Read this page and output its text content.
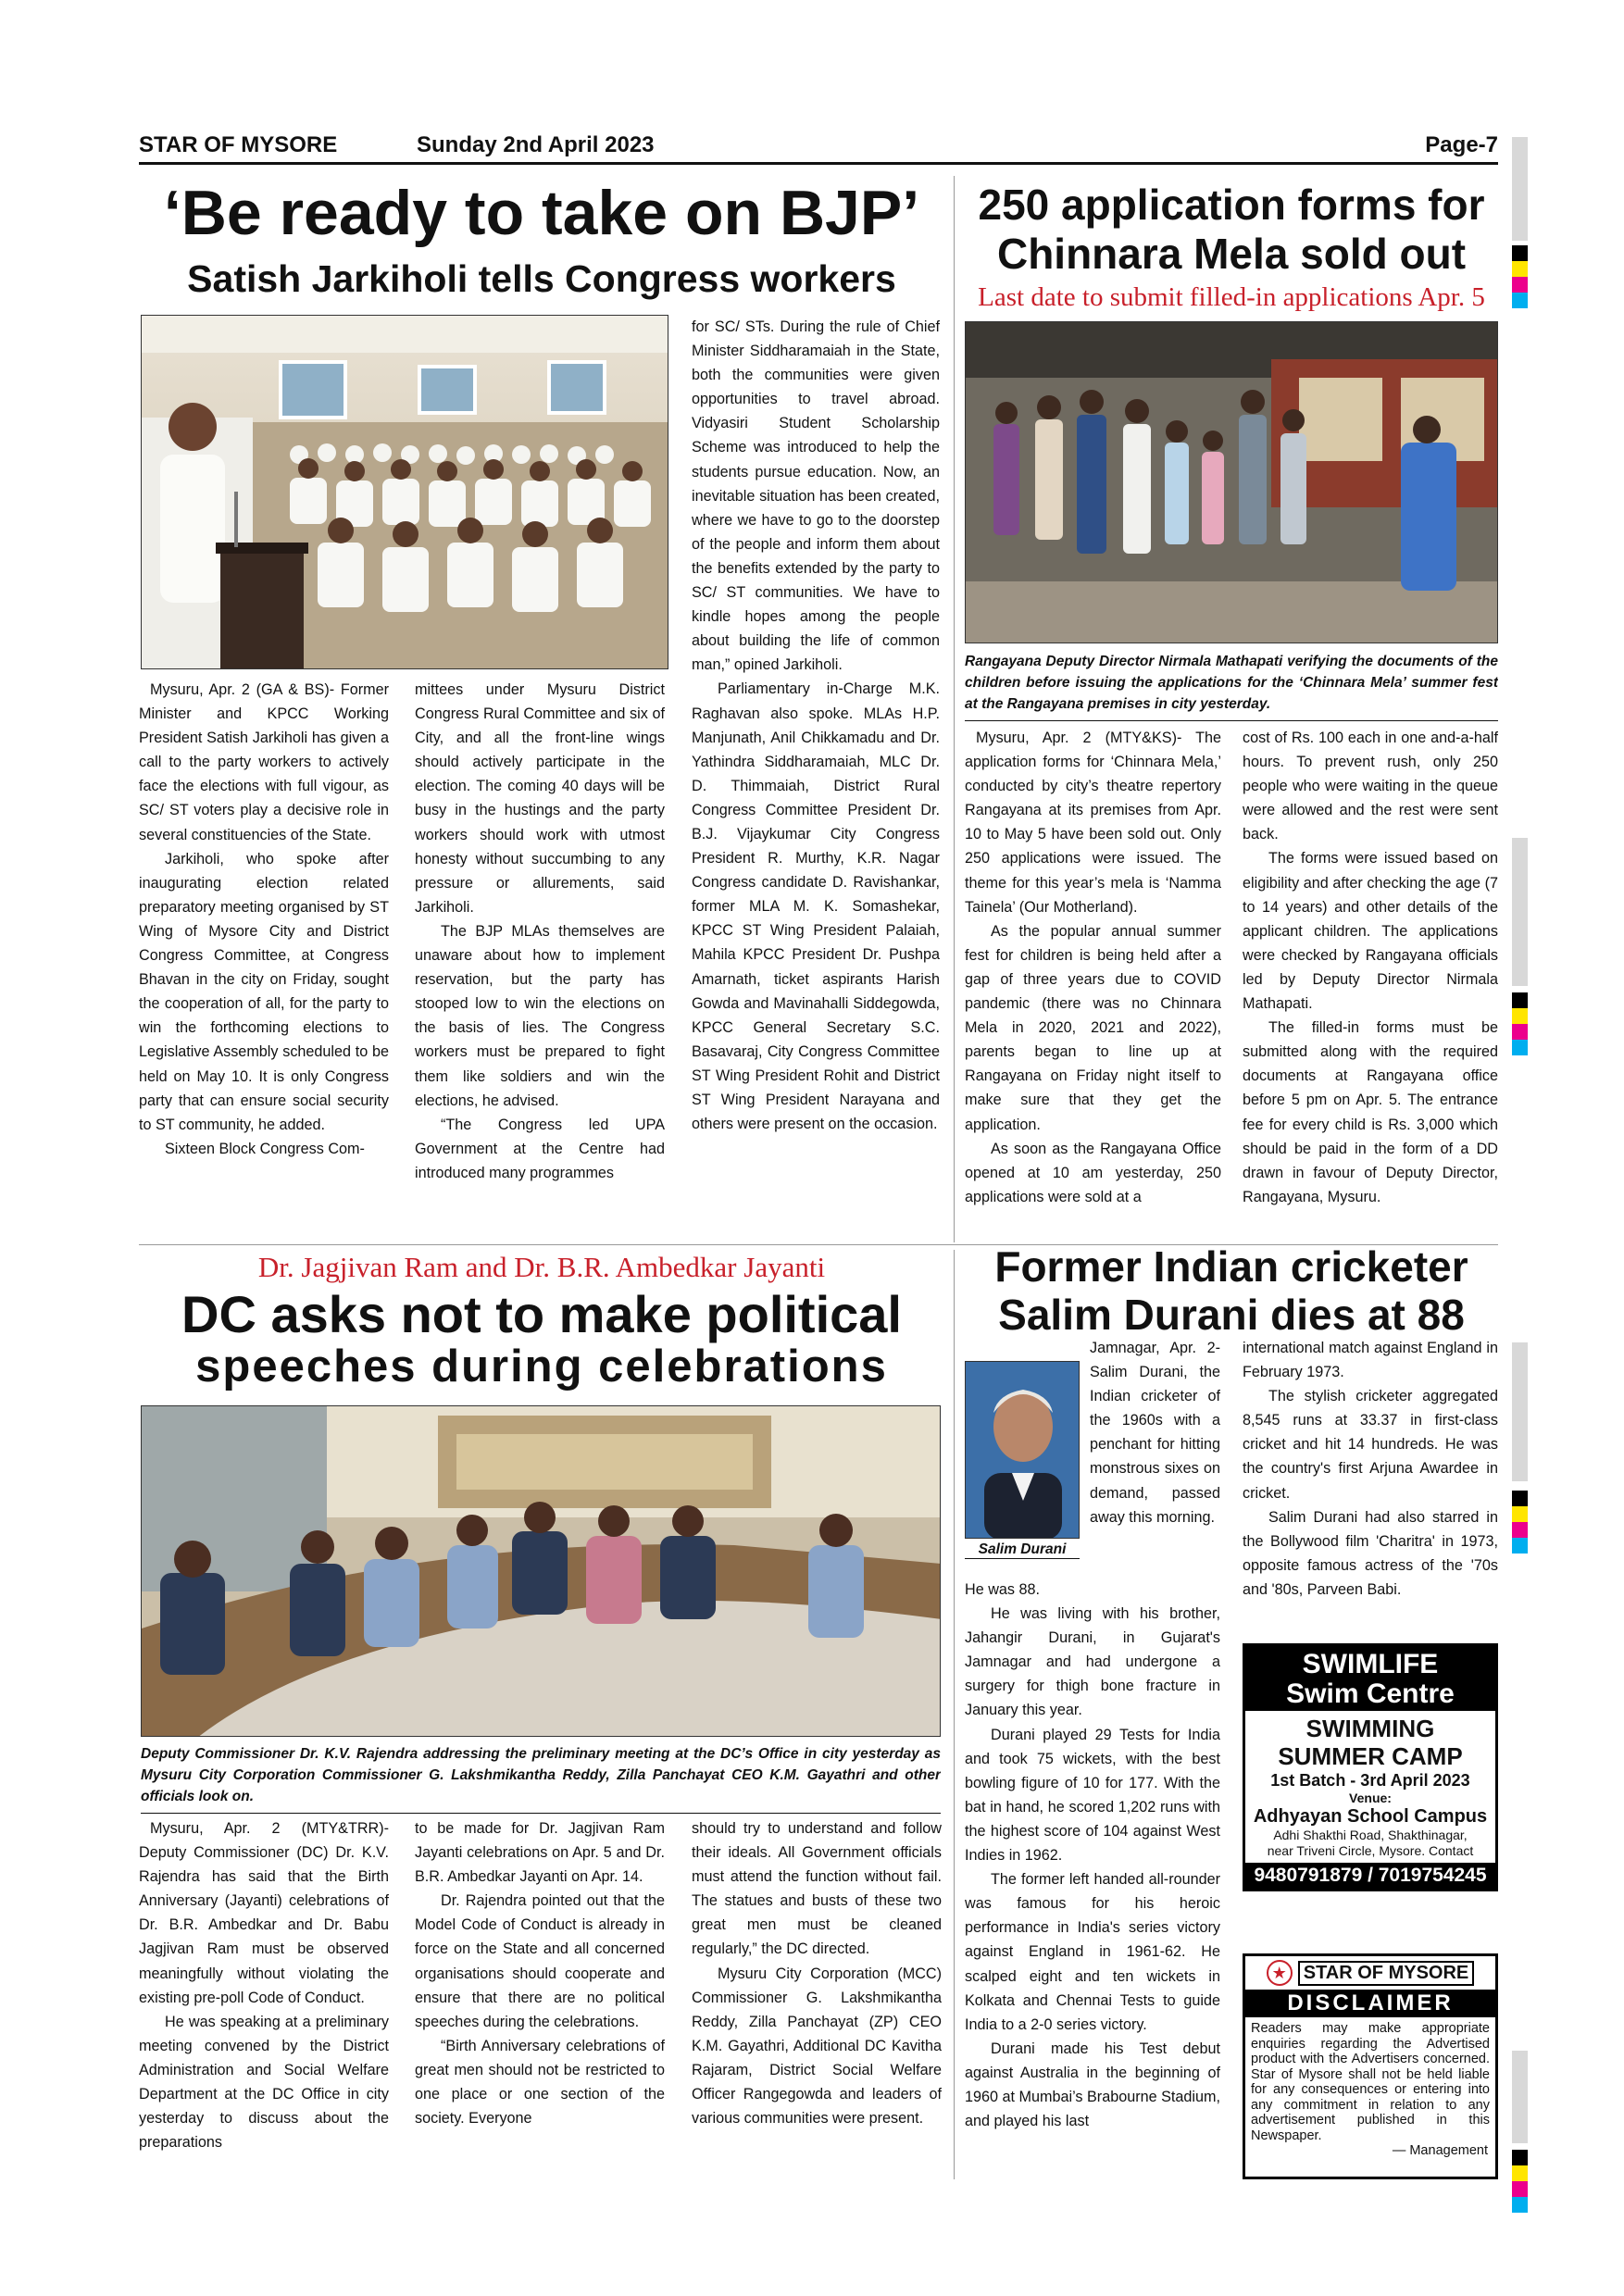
STAR OF MYSORE	Sunday 2nd April 2023	Page-7
‘Be ready to take on BJP’
Satish Jarkiholi tells Congress workers

Mysuru, Apr. 2 (GA & BS)- Former Minister and KPCC Working President Satish Jarkiholi has given a call to the party workers to actively face the elections with full vigour, as SC/ ST voters play a decisive role in several constituencies of the State.

Jarkiholi, who spoke after inaugurating election related preparatory meeting organised by ST Wing of Mysore City and District Congress Committee, at Congress Bhavan in the city on Friday, sought the cooperation of all, for the party to win the forthcoming elections to Legislative Assembly scheduled to be held on May 10. It is only Congress party that can ensure social security to ST community, he added.

Sixteen Block Congress Com-

mittees under Mysuru District Congress Rural Committee and six of City, and all the front-line wings should actively participate in the election. The coming 40 days will be busy in the hustings and the party workers should work with utmost honesty without succumbing to any pressure or allurements, said Jarkiholi.

The BJP MLAs themselves are unaware about how to implement reservation, but the party has stooped low to win the elections on the basis of lies. The Congress workers must be prepared to fight them like soldiers and win the elections, he advised.

“The Congress led UPA Government at the Centre had introduced many programmes

for SC/ STs. During the rule of Chief Minister Siddharamaiah in the State, both the communities were given opportunities to travel abroad. Vidyasiri Student Scholarship Scheme was introduced to help the students pursue education. Now, an inevitable situation has been created, where we have to go to the doorstep of the people and inform them about the benefits extended by the party to SC/ ST communities. We have to kindle hopes among the people about building the life of common man,” opined Jarkiholi.

Parliamentary in-Charge M.K. Raghavan also spoke. MLAs H.P. Manjunath, Anil Chikkamadu and Dr. Yathindra Siddharamaiah, MLC Dr. D. Thimmaiah, District Rural Congress Committee President Dr. B.J. Vijaykumar City Congress President R. Murthy, K.R. Nagar Congress candidate D. Ravishankar, former MLA M. K. Somashekar, KPCC ST Wing President Palaiah, Mahila KPCC President Dr. Pushpa Amarnath, ticket aspirants Harish Gowda and Mavinahalli Siddegowda, KPCC General Secretary S.C. Basavaraj, City Congress Committee ST Wing President Rohit and District ST Wing President Narayana and others were present on the occasion.

250 application forms for
Chinnara Mela sold out
Last date to submit filled-in applications Apr. 5
Rangayana Deputy Director Nirmala Mathapati verifying the documents of the children before issuing the applications for the ‘Chinnara Mela’ summer fest at the Rangayana premises in city yesterday.

Mysuru, Apr. 2 (MTY&KS)- The application forms for ‘Chinnara Mela,’ conducted by city’s theatre repertory Rangayana at its premises from Apr. 10 to May 5 have been sold out. Only 250 applications were issued. The theme for this year’s mela is ‘Namma Tainela’ (Our Motherland).

As the popular annual summer fest for children is being held after a gap of three years due to COVID pandemic (there was no Chinnara Mela in 2020, 2021 and 2022), parents began to line up at Rangayana on Friday night itself to make sure that they get the application.

As soon as the Rangayana Office opened at 10 am yesterday, 250 applications were sold at a

cost of Rs. 100 each in one and-a-half hours. To prevent rush, only 250 people who were waiting in the queue were allowed and the rest were sent back.

The forms were issued based on eligibility and after checking the age (7 to 14 years) and other details of the applicant children. The applications were checked by Rangayana officials led by Deputy Director Nirmala Mathapati.

The filled-in forms must be submitted along with the required documents at Rangayana office before 5 pm on Apr. 5. The entrance fee for every child is Rs. 3,000 which should be paid in the form of a DD drawn in favour of Deputy Director, Rangayana, Mysuru.

Dr. Jagjivan Ram and Dr. B.R. Ambedkar Jayanti
DC asks not to make political
speeches during celebrations
Deputy Commissioner Dr. K.V. Rajendra addressing the preliminary meeting at the DC’s Office in city yesterday as Mysuru City Corporation Commissioner G. Lakshmikantha Reddy, Zilla Panchayat CEO K.M. Gayathri and other officials look on.

Mysuru, Apr. 2 (MTY&TRR)- Deputy Commissioner (DC) Dr. K.V. Rajendra has said that the Birth Anniversary (Jayanti) celebrations of Dr. B.R. Ambedkar and Dr. Babu Jagjivan Ram must be observed meaningfully without violating the existing pre-poll Code of Conduct.

He was speaking at a preliminary meeting convened by the District Administration and Social Welfare Department at the DC Office in city yesterday to discuss about the preparations

to be made for Dr. Jagjivan Ram Jayanti celebrations on Apr. 5 and Dr. B.R. Ambedkar Jayanti on Apr. 14.

Dr. Rajendra pointed out that the Model Code of Conduct is already in force on the State and all concerned organisations should cooperate and ensure that there are no political speeches during the celebrations.

“Birth Anniversary celebrations of great men should not be restricted to one place or one section of the society. Everyone

should try to understand and follow their ideals. All Government officials must attend the function without fail. The statues and busts of these two great men must be cleaned regularly,” the DC directed.

Mysuru City Corporation (MCC) Commissioner G. Lakshmikantha Reddy, Zilla Panchayat (ZP) CEO K.M. Gayathri, Additional DC Kavitha Rajaram, District Social Welfare Officer Rangegowda and leaders of various communities were present.

Former Indian cricketer
Salim Durani dies at 88
Salim Durani

Jamnagar, Apr. 2- Salim Durani, the Indian cricketer of the 1960s with a penchant for hitting monstrous sixes on demand, passed away this morning.

He was 88.

He was living with his brother, Jahangir Durani, in Gujarat's Jamnagar and had undergone a surgery for thigh bone fracture in January this year.

Durani played 29 Tests for India and took 75 wickets, with the best bowling figure of 10 for 177. With the bat in hand, he scored 1,202 runs with the highest score of 104 against West Indies in 1962.

The former left handed all-rounder was famous for his heroic performance in India's series victory against England in 1961-62. He scalped eight and ten wickets in Kolkata and Chennai Tests to guide India to a 2-0 series victory.

Durani made his Test debut against Australia in the beginning of 1960 at Mumbai’s Brabourne Stadium, and played his last

international match against England in February 1973.

The stylish cricketer aggregated 8,545 runs at 33.37 in first-class cricket and hit 14 hundreds. He was the country's first Arjuna Awardee in cricket.

Salim Durani had also starred in the Bollywood film 'Charitra' in 1973, opposite famous actress of the '70s and '80s, Parveen Babi.

SWIMLIFE
Swim Centre
SWIMMING
SUMMER CAMP
1st Batch - 3rd April 2023
Venue:
Adhyayan School Campus
Adhi Shakthi Road, Shakthinagar,
near Triveni Circle, Mysore. Contact
9480791879 / 7019754245
★ STAR OF MYSORE
DISCLAIMER
Readers may make appropriate enquiries regarding the Advertised product with the Advertisers concerned. Star of Mysore shall not be held liable for any consequences or entering into any commitment in relation to any advertisement published in this Newspaper.
— Management
